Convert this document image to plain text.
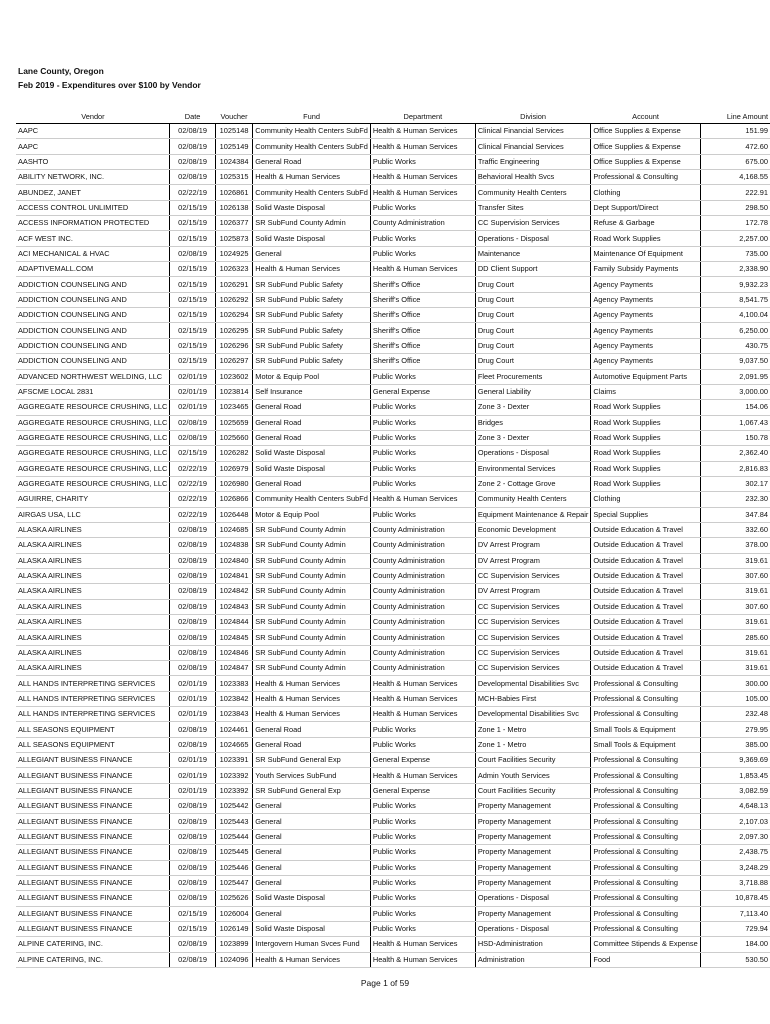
Lane County, Oregon
Feb 2019 - Expenditures over $100 by Vendor
Vendor	Date	Voucher	Fund	Department	Division	Account	Line Amount
AAPC	02/08/19	1025148	Community Health Centers SubFd	Health & Human Services	Clinical Financial Services	Office Supplies & Expense	151.99
AAPC	02/08/19	1025149	Community Health Centers SubFd	Health & Human Services	Clinical Financial Services	Office Supplies & Expense	472.60
AASHTO	02/08/19	1024384	General Road	Public Works	Traffic Engineering	Office Supplies & Expense	675.00
ABILITY NETWORK, INC.	02/08/19	1025315	Health & Human Services	Health & Human Services	Behavioral Health Svcs	Professional & Consulting	4,168.55
ABUNDEZ, JANET	02/22/19	1026861	Community Health Centers SubFd	Health & Human Services	Community Health Centers	Clothing	222.91
ACCESS CONTROL UNLIMITED	02/15/19	1026138	Solid Waste Disposal	Public Works	Transfer Sites	Dept Support/Direct	298.50
ACCESS INFORMATION PROTECTED	02/15/19	1026377	SR SubFund County Admin	County Administration	CC Supervision Services	Refuse & Garbage	172.78
ACF WEST INC.	02/15/19	1025873	Solid Waste Disposal	Public Works	Operations - Disposal	Road Work Supplies	2,257.00
ACI MECHANICAL & HVAC	02/08/19	1024925	General	Public Works	Maintenance	Maintenance Of Equipment	735.00
ADAPTIVEMALL.COM	02/15/19	1026323	Health & Human Services	Health & Human Services	DD Client Support	Family Subsidy Payments	2,338.90
ADDICTION COUNSELING AND	02/15/19	1026291	SR SubFund Public Safety	Sheriff's Office	Drug Court	Agency Payments	9,932.23
ADDICTION COUNSELING AND	02/15/19	1026292	SR SubFund Public Safety	Sheriff's Office	Drug Court	Agency Payments	8,541.75
ADDICTION COUNSELING AND	02/15/19	1026294	SR SubFund Public Safety	Sheriff's Office	Drug Court	Agency Payments	4,100.04
ADDICTION COUNSELING AND	02/15/19	1026295	SR SubFund Public Safety	Sheriff's Office	Drug Court	Agency Payments	6,250.00
ADDICTION COUNSELING AND	02/15/19	1026296	SR SubFund Public Safety	Sheriff's Office	Drug Court	Agency Payments	430.75
ADDICTION COUNSELING AND	02/15/19	1026297	SR SubFund Public Safety	Sheriff's Office	Drug Court	Agency Payments	9,037.50
ADVANCED NORTHWEST WELDING, LLC	02/01/19	1023602	Motor & Equip Pool	Public Works	Fleet Procurements	Automotive Equipment Parts	2,091.95
AFSCME LOCAL 2831	02/01/19	1023814	Self Insurance	General Expense	General Liability	Claims	3,000.00
AGGREGATE RESOURCE CRUSHING, LLC	02/01/19	1023465	General Road	Public Works	Zone 3 - Dexter	Road Work Supplies	154.06
AGGREGATE RESOURCE CRUSHING, LLC	02/08/19	1025659	General Road	Public Works	Bridges	Road Work Supplies	1,067.43
AGGREGATE RESOURCE CRUSHING, LLC	02/08/19	1025660	General Road	Public Works	Zone 3 - Dexter	Road Work Supplies	150.78
AGGREGATE RESOURCE CRUSHING, LLC	02/15/19	1026282	Solid Waste Disposal	Public Works	Operations - Disposal	Road Work Supplies	2,362.40
AGGREGATE RESOURCE CRUSHING, LLC	02/22/19	1026979	Solid Waste Disposal	Public Works	Environmental Services	Road Work Supplies	2,816.83
AGGREGATE RESOURCE CRUSHING, LLC	02/22/19	1026980	General Road	Public Works	Zone 2 - Cottage Grove	Road Work Supplies	302.17
AGUIRRE, CHARITY	02/22/19	1026866	Community Health Centers SubFd	Health & Human Services	Community Health Centers	Clothing	232.30
AIRGAS USA, LLC	02/22/19	1026448	Motor & Equip Pool	Public Works	Equipment Maintenance & Repair	Special Supplies	347.84
ALASKA AIRLINES	02/08/19	1024685	SR SubFund County Admin	County Administration	Economic Development	Outside Education & Travel	332.60
ALASKA AIRLINES	02/08/19	1024838	SR SubFund County Admin	County Administration	DV Arrest Program	Outside Education & Travel	378.00
ALASKA AIRLINES	02/08/19	1024840	SR SubFund County Admin	County Administration	DV Arrest Program	Outside Education & Travel	319.61
ALASKA AIRLINES	02/08/19	1024841	SR SubFund County Admin	County Administration	CC Supervision Services	Outside Education & Travel	307.60
ALASKA AIRLINES	02/08/19	1024842	SR SubFund County Admin	County Administration	DV Arrest Program	Outside Education & Travel	319.61
ALASKA AIRLINES	02/08/19	1024843	SR SubFund County Admin	County Administration	CC Supervision Services	Outside Education & Travel	307.60
ALASKA AIRLINES	02/08/19	1024844	SR SubFund County Admin	County Administration	CC Supervision Services	Outside Education & Travel	319.61
ALASKA AIRLINES	02/08/19	1024845	SR SubFund County Admin	County Administration	CC Supervision Services	Outside Education & Travel	285.60
ALASKA AIRLINES	02/08/19	1024846	SR SubFund County Admin	County Administration	CC Supervision Services	Outside Education & Travel	319.61
ALASKA AIRLINES	02/08/19	1024847	SR SubFund County Admin	County Administration	CC Supervision Services	Outside Education & Travel	319.61
ALL HANDS INTERPRETING SERVICES	02/01/19	1023383	Health & Human Services	Health & Human Services	Developmental Disabilities Svc	Professional & Consulting	300.00
ALL HANDS INTERPRETING SERVICES	02/01/19	1023842	Health & Human Services	Health & Human Services	MCH-Babies First	Professional & Consulting	105.00
ALL HANDS INTERPRETING SERVICES	02/01/19	1023843	Health & Human Services	Health & Human Services	Developmental Disabilities Svc	Professional & Consulting	232.48
ALL SEASONS EQUIPMENT	02/08/19	1024461	General Road	Public Works	Zone 1 - Metro	Small Tools & Equipment	279.95
ALL SEASONS EQUIPMENT	02/08/19	1024665	General Road	Public Works	Zone 1 - Metro	Small Tools & Equipment	385.00
ALLEGIANT BUSINESS FINANCE	02/01/19	1023391	SR SubFund General Exp	General Expense	Court Facilities Security	Professional & Consulting	9,369.69
ALLEGIANT BUSINESS FINANCE	02/01/19	1023392	Youth Services SubFund	Health & Human Services	Admin Youth Services	Professional & Consulting	1,853.45
ALLEGIANT BUSINESS FINANCE	02/01/19	1023392	SR SubFund General Exp	General Expense	Court Facilities Security	Professional & Consulting	3,082.59
ALLEGIANT BUSINESS FINANCE	02/08/19	1025442	General	Public Works	Property Management	Professional & Consulting	4,648.13
ALLEGIANT BUSINESS FINANCE	02/08/19	1025443	General	Public Works	Property Management	Professional & Consulting	2,107.03
ALLEGIANT BUSINESS FINANCE	02/08/19	1025444	General	Public Works	Property Management	Professional & Consulting	2,097.30
ALLEGIANT BUSINESS FINANCE	02/08/19	1025445	General	Public Works	Property Management	Professional & Consulting	2,438.75
ALLEGIANT BUSINESS FINANCE	02/08/19	1025446	General	Public Works	Property Management	Professional & Consulting	3,248.29
ALLEGIANT BUSINESS FINANCE	02/08/19	1025447	General	Public Works	Property Management	Professional & Consulting	3,718.88
ALLEGIANT BUSINESS FINANCE	02/08/19	1025626	Solid Waste Disposal	Public Works	Operations - Disposal	Professional & Consulting	10,878.45
ALLEGIANT BUSINESS FINANCE	02/15/19	1026004	General	Public Works	Property Management	Professional & Consulting	7,113.40
ALLEGIANT BUSINESS FINANCE	02/15/19	1026149	Solid Waste Disposal	Public Works	Operations - Disposal	Professional & Consulting	729.94
ALPINE CATERING, INC.	02/08/19	1023899	Intergovern Human Svces Fund	Health & Human Services	HSD-Administration	Committee Stipends & Expense	184.00
ALPINE CATERING, INC.	02/08/19	1024096	Health & Human Services	Health & Human Services	Administration	Food	530.50
Page 1 of 59
